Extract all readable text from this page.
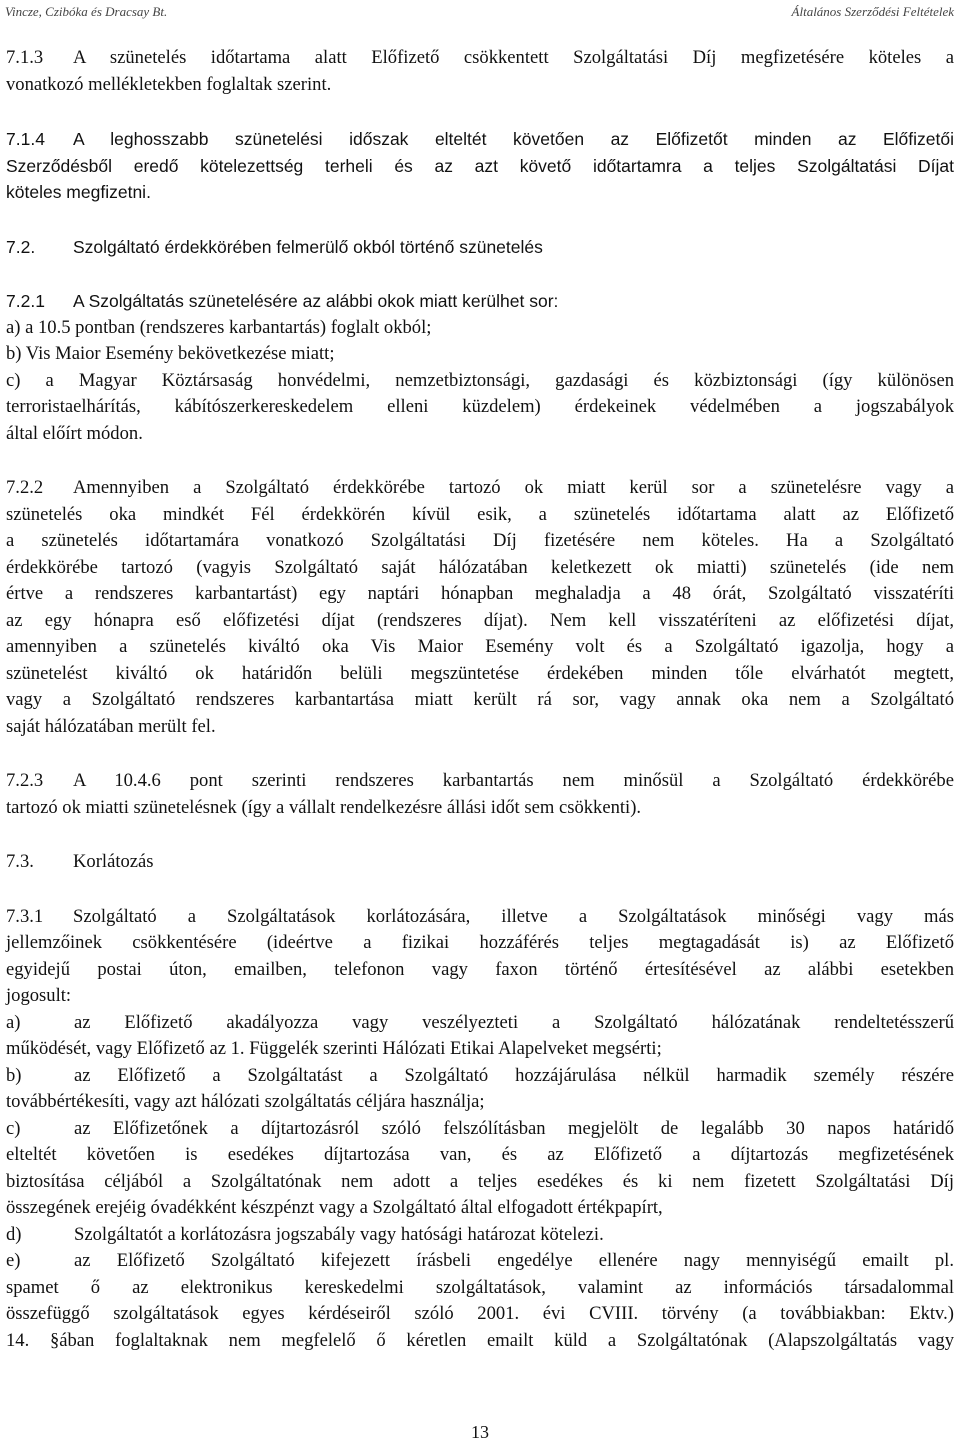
Vincze, Czibóka és Dracsay Bt.	Általános Szerződési Feltételek
7.1.3 A szünetelés időtartama alatt Előfizető csökkentett Szolgáltatási Díj megfizetésére köteles a
vonatkozó mellékletekben foglaltak szerint.
7.1.4 A leghosszabb szünetelési időszak elteltét követően az Előfizetőt minden az Előfizetői
Szerződésből eredő kötelezettség terheli és az azt követő időtartamra a teljes Szolgáltatási Díjat
köteles megfizetni.
7.2. Szolgáltató érdekkörében felmerülő okból történő szünetelés
7.2.1 A Szolgáltatás szünetelésére az alábbi okok miatt kerülhet sor:
a) a 10.5 pontban (rendszeres karbantartás) foglalt okból;
b) Vis Maior Esemény bekövetkezése miatt;
c) a Magyar Köztársaság honvédelmi, nemzetbiztonsági, gazdasági és közbiztonsági (így különösen
terroristaelhárítás, kábítószerkereskedelem elleni küzdelem) érdekeinek védelmében a jogszabályok
által előírt módon.
7.2.2 Amennyiben a Szolgáltató érdekkörébe tartozó ok miatt kerül sor a szünetelésre vagy a
szünetelés oka mindkét Fél érdekkörén kívül esik, a szünetelés időtartama alatt az Előfizető
a szünetelés időtartamára vonatkozó Szolgáltatási Díj fizetésére nem köteles. Ha a Szolgáltató
érdekkörébe tartozó (vagyis Szolgáltató saját hálózatában keletkezett ok miatti) szünetelés (ide nem
értve a rendszeres karbantartást) egy naptári hónapban meghaladja a 48 órát, Szolgáltató visszatéríti
az egy hónapra eső előfizetési díjat (rendszeres díjat). Nem kell visszatéríteni az előfizetési díjat,
amennyiben a szünetelés kiváltó oka Vis Maior Esemény volt és a Szolgáltató igazolja, hogy a
szünetelést kiváltó ok határidőn belüli megszüntetése érdekében minden tőle elvárhatót megtett,
vagy a Szolgáltató rendszeres karbantartása miatt került rá sor, vagy annak oka nem a Szolgáltató
saját hálózatában merült fel.
7.2.3 A 10.4.6 pont szerinti rendszeres karbantartás nem minősül a Szolgáltató érdekkörébe
tartozó ok miatti szünetelésnek (így a vállalt rendelkezésre állási időt sem csökkenti).
7.3. Korlátozás
7.3.1 Szolgáltató a Szolgáltatások korlátozására, illetve a Szolgáltatások minőségi vagy más
jellemzőinek csökkentésére (ideértve a fizikai hozzáférés teljes megtagadását is) az Előfizető
egyidejű postai úton, emailben, telefonon vagy faxon történő értesítésével az alábbi esetekben
jogosult:
a)	az Előfizető akadályozza vagy veszélyezteti a Szolgáltató hálózatának rendeltetésszerű
működését, vagy Előfizető az 1. Függelék szerinti Hálózati Etikai Alapelveket megsérti;
b)	az Előfizető a Szolgáltatást a Szolgáltató hozzájárulása nélkül harmadik személy részére
továbbértékesíti, vagy azt hálózati szolgáltatás céljára használja;
c)	az Előfizetőnek a díjtartozásról szóló felszólításban megjelölt de legalább 30 napos határidő
elteltét követően is esedékes díjtartozása van, és az Előfizető a díjtartozás megfizetésének
biztosítása céljából a Szolgáltatónak nem adott a teljes esedékes és ki nem fizetett Szolgáltatási Díj
összegének erejéig óvadékként készpénzt vagy a Szolgáltató által elfogadott értékpapírt,
d)	Szolgáltatót a korlátozásra jogszabály vagy hatósági határozat kötelezi.
e)	az Előfizető Szolgáltató kifejezett írásbeli engedélye ellenére nagy mennyiségű emailt pl.
spamet ő az elektronikus kereskedelmi szolgáltatások, valamint az információs társadalommal
összefüggő szolgáltatások egyes kérdéseiről szóló 2001. évi CVIII. törvény (a továbbiakban: Ektv.)
14. §ában foglaltaknak nem megfelelő ő kéretlen emailt küld a Szolgáltatónak (Alapszolgáltatás vagy
13
